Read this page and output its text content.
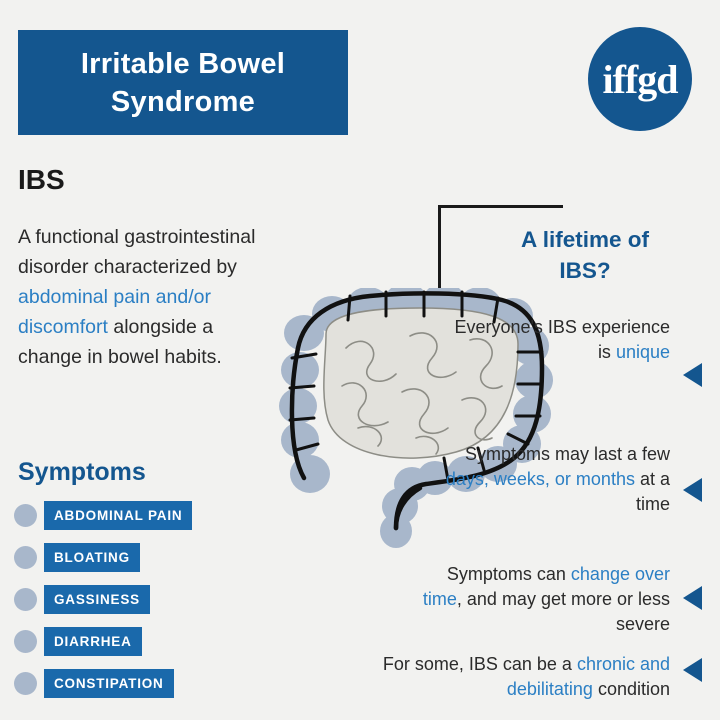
Irritable Bowel
Syndrome	iffgd
IBS
A functional gastrointestinal disorder characterized by abdominal pain and/or discomfort alongside a change in bowel habits.
Symptoms
ABDOMINAL PAIN
BLOATING
GASSINESS
DIARRHEA
CONSTIPATION
A lifetime of
IBS?
Everyone's IBS experience is unique
Symptoms may last a few days, weeks, or months at a time
Symptoms can change over time, and may get more or less severe
For some, IBS can be a chronic and debilitating condition
